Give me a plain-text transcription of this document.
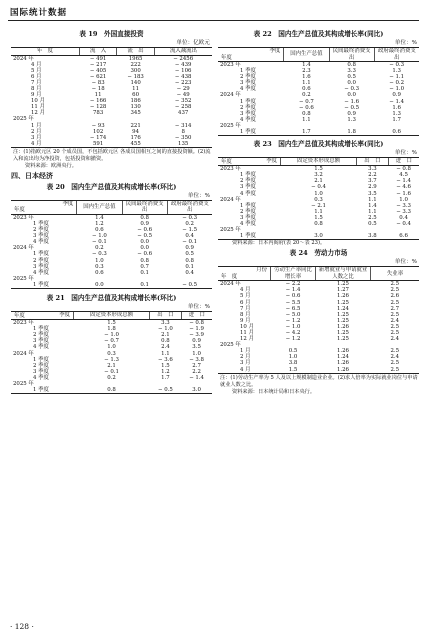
国际统计数据
表 19　外国直接投资
单位：亿欧元
年　度	流　入	流　出	流入减流出
2024 年	− 491	1965	− 2456
4 月	− 217	222	− 439
5 月	− 405	300	− 106
6 月	− 621	− 183	− 438
7 月	− 83	140	− 223
8 月	− 18	11	− 29
9 月	11	60	− 49
10 月	− 166	186	− 352
11 月	− 128	130	− 258
12 月	783	345	437
2025 年			
1 月	− 93	221	− 314
2 月	102	94	8
3 月	− 174	176	− 350
4 月	591	455	135
注：(1)指欧元区 20 个成员国，不包括欧元区 各成员国相互之间的直接投资额。(2)流入和流出均为净投资，包括投资和撤资。
资料来源：欧洲央行。
四、日本经济
表 20　国内生产总值及其构成增长率(环比)
单位：%
季度
年度	国内生产总值	民间最终消费支出	政府最终消费支出
2023 年	1.4	0.8	− 0.3
1 季度	1.2	0.9	0.2
2 季度	0.6	− 0.6	− 1.5
3 季度	− 1.0	− 0.5	0.4
4 季度	− 0.1	0.0	− 0.1
2024 年	0.2	0.0	0.9
1 季度	− 0.3	− 0.6	0.5
2 季度	1.0	0.8	0.8
3 季度	0.3	0.7	0.1
4 季度	0.6	0.1	0.4
2025 年			
1 季度	0.0	0.1	− 0.5
表 21　国内生产总值及其构成增长率(环比)
单位：%
季度
年度	固定资本形成总额	出　口	进　口
2023 年	1.5	3.3	− 0.8
1 季度	1.8	− 1.0	− 1.9
2 季度	− 1.0	2.1	− 3.9
3 季度	− 0.7	0.8	0.9
4 季度	1.0	2.4	3.5
2024 年	0.3	1.1	1.0
1 季度	− 1.3	− 3.6	− 3.8
2 季度	2.1	1.5	2.7
3 季度	− 0.1	1.2	2.2
4 季度	0.2	1.7	− 1.4
2025 年			
1 季度	0.8	− 0.5	3.0
表 22　国内生产总值及其构成增长率(同比)
单位：%
季度
年度	国内生产总值	民间最终消费支出	政府最终消费支出
2023 年	1.4	0.8	− 0.3
1 季度	2.3	3.3	1.3
2 季度	1.6	0.5	− 1.1
3 季度	1.1	0.0	− 0.2
4 季度	0.6	− 0.3	− 1.0
2024 年	0.2	0.0	0.9
1 季度	− 0.7	− 1.6	− 1.4
2 季度	− 0.6	− 0.5	1.6
3 季度	0.8	0.9	1.3
4 季度	1.1	1.3	1.7
2025 年			
1 季度	1.7	1.8	0.6
表 23　国内生产总值及其构成增长率(同比)
单位：%
季度
年度	固定资本形成总额	出　口	进　口
2023 年	1.5	3.3	− 0.8
1 季度	3.2	2.2	4.5
2 季度	2.1	3.7	− 1.4
3 季度	− 0.4	2.9	− 4.6
4 季度	1.0	3.5	− 1.6
2024 年	0.3	1.1	1.0
1 季度	− 2.1	1.4	− 3.3
2 季度	1.1	1.1	− 3.3
3 季度	1.5	2.5	0.4
4 季度	0.8	0.5	− 0.4
2025 年			
1 季度	3.0	3.8	6.6
资料来源：日本内阁府(表 20～表 23)。
表 24　劳动力市场
单位：%
月份
年　度	劳动生产率同比增长率	新增就业与申请就业人数之比	失业率
2024 年	− 2.2	1.25	2.5
4 月	− 1.4	1.27	2.5
5 月	− 0.6	1.26	2.6
6 月	− 5.5	1.25	2.5
7 月	− 6.5	1.24	2.7
8 月	− 5.0	1.25	2.5
9 月	− 1.2	1.25	2.4
10 月	− 1.0	1.26	2.5
11 月	− 4.2	1.25	2.5
12 月	− 1.2	1.25	2.4
2025 年			
1 月	0.5	1.26	2.5
2 月	1.0	1.24	2.4
3 月	3.8	1.26	2.5
4 月	1.5	1.26	2.5
注：(1)劳动生产率为 5 人及以上规模制造业企业。(2)求人倍率为实际就业岗位与申请就业人数之比。
资料来源：日本统计局和日本央行。
· 128 ·
